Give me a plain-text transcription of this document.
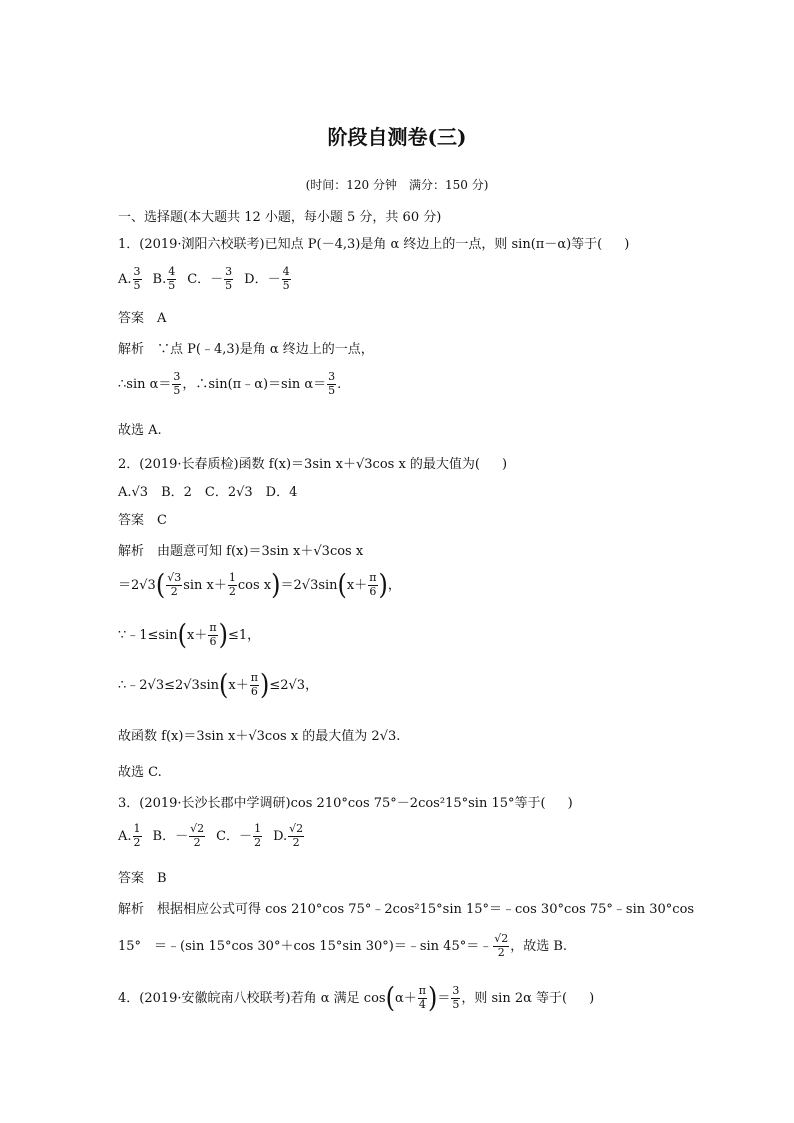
阶段自测卷(三)
(时间：120 分钟　满分：150 分)
一、选择题(本大题共 12 小题，每小题 5 分，共 60 分)
1．(2019·浏阳六校联考)已知点 P(－4,3)是角 α 终边上的一点，则 sin(π－α)等于( )
A. $\frac{3}{5} B$. $\frac{4}{5}$ C．－ $\frac{3}{5}$ D．－ $\frac{4}{5}$
答案　 A
解析　 ∵点 P(﹣4,3)是角 α 终边上的一点，
∴sin $\alpha= \frac{3}{5}$ ，∴sin(π﹣α)＝sin $\alpha= \frac{3}{5}$ .
故选 A.
2．(2019·长春质检)函数 f(x)＝3sin x＋√3cos x 的最大值为( )
A.√3　B．2　C．2√3　D．4
答案　 C
解析　 由题意可知 f(x)＝3sin x＋√3cos x
＝2√3 ( $\frac{√3}{2}$ $\sin x+ \frac{1}{2}$ cos x ) ＝2√3sin ( $x+ \frac{\pi}{6}$ ) ，
∵﹣1≤sin ( $x+ \frac{\pi}{6}$ ) ≤1，
∴﹣2√3≤2√3sin ( $x+ \frac{\pi}{6}$ ) ≤2√3，
故函数 f(x)＝3sin x＋√3cos x 的最大值为 2√3.
故选 C.
3．(2019·长沙长郡中学调研)cos 210°cos 75°－2cos²15°sin 15°等于( )
A. $\frac{1}{2}$ B．－ $\frac{√2}{2}$ C．－ $\frac{1}{2} D$. $\frac{√2}{2}$
答案　 B
解析　 根据相应公式可得 cos 210°cos 75°﹣2cos²15°sin 15°＝﹣cos 30°cos 75°﹣sin 30°cos
15°　＝﹣(sin 15°cos 30°＋cos 15°sin 30°)＝﹣sin 45°＝﹣ $\frac{√2}{2}$ ，故选 B.
4．(2019·安徽皖南八校联考)若角 α 满足 cos ( $\alpha+ \frac{\pi}{4}$ ) ＝ $\frac{3}{5}$ ，则 sin 2α 等于( )
